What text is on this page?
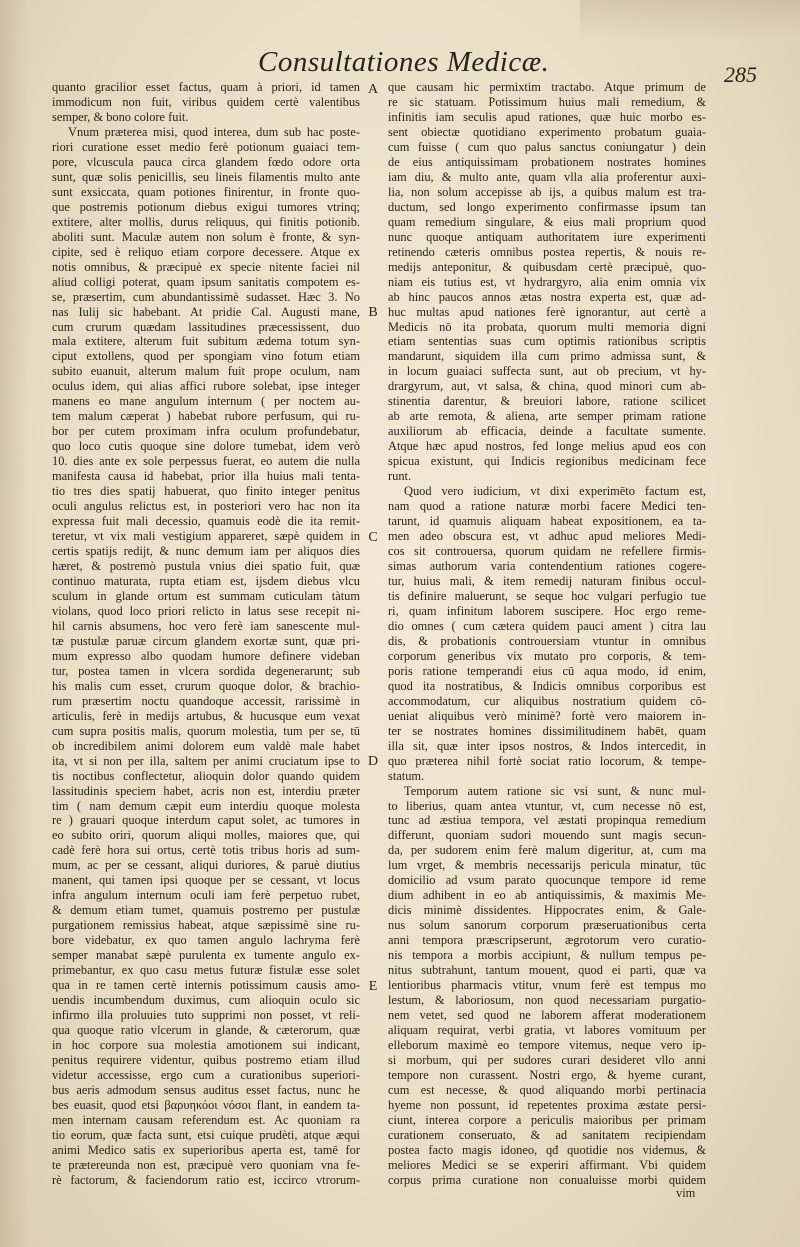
Consultationes Medicæ.	285
quanto gracilior esset factus, quam à priori, id tamen
immodicum non fuit, viribus quidem certè valentibus
semper, & bono colore fuit.
Vnum præterea misi, quod interea, dum sub hac poste-
riori curatione esset medio ferè potionum guaiaci tem-
pore, vlcuscula pauca circa glandem fœdo odore orta
sunt, quæ solis penicillis, seu lineis filamentis multo ante
sunt exsiccata, quam potiones finirentur, in fronte quo-
que postremis potionum diebus exigui tumores vtrinq;
extitere, alter mollis, durus reliquus, qui finitis potionib.
aboliti sunt. Maculæ autem non solum è fronte, & syn-
cipite, sed è reliquo etiam corpore decessere. Atque ex
notis omnibus, & præcipuè ex specie nitente faciei nil
aliud colligi poterat, quam ipsum sanitatis compotem es-
se, præsertim, cum abundantissimè sudasset. Hæc 3. No
nas Iulij sic habebant. At pridie Cal. Augusti mane,
cum crurum quædam lassitudines præcessissent, duo
mala extitere, alterum fuit subitum ædema totum syn-
ciput extollens, quod per spongiam vino fotum etiam
subito euanuit, alterum malum fuit prope oculum, nam
oculus idem, qui alias affici rubore solebat, ipse integer
manens eo mane angulum internum ( per noctem au-
tem malum cæperat ) habebat rubore perfusum, qui ru-
bor per cutem proximam infra oculum profundebatur,
quo loco cutis quoque sine dolore tumebat, idem verò
10. dies ante ex sole perpessus fuerat, eo autem die nulla
manifesta causa id habebat, prior illa huius mali tenta-
tio tres dies spatij habuerat, quo finito integer penitus
oculi angulus relictus est, in posteriori vero hac non ita
expressa fuit mali decessio, quamuis eodè die ita remit-
teretur, vt vix mali vestigium appareret, sæpè quidem in
certis spatijs redijt, & nunc demum iam per aliquos dies
hæret, & postremò pustula vnius diei spatio fuit, quæ
continuo maturata, rupta etiam est, ijsdem diebus vlcu
sculum in glande ortum est summam cuticulam tàtum
violans, quod loco priori relicto in latus sese recepit ni-
hil carnis absumens, hoc vero ferè iam sanescente mul-
tæ pustulæ paruæ circum glandem exortæ sunt, quæ pri-
mum expresso albo quodam humore definere videban
tur, postea tamen in vlcera sordida degenerarunt; sub
his malis cum esset, crurum quoque dolor, & brachio-
rum præsertim noctu quandoque accessit, rarissimè in
articulis, ferè in medijs artubus, & hucusque eum vexat
cum supra positis malis, quorum molestia, tum per se, tū
ob incredibilem animi dolorem eum valdè male habet
ita, vt si non per illa, saltem per animi cruciatum ipse to
tis noctibus conflectetur, alioquin dolor quando quidem
lassitudinis speciem habet, acris non est, interdiu præter
tim ( nam demum cæpit eum interdiu quoque molesta
re ) grauari quoque interdum caput solet, ac tumores in
eo subito oriri, quorum aliqui molles, maiores que, qui
cadè ferè hora sui ortus, certè totis tribus horis ad sum-
mum, ac per se cessant, aliqui duriores, & paruè diutius
manent, qui tamen ipsi quoque per se cessant, vt locus
infra angulum internum oculi iam ferè perpetuo rubet,
& demum etiam tumet, quamuis postremo per pustulæ
purgationem remissius habeat, atque sæpissimè sine ru-
bore videbatur, ex quo tamen angulo lachryma ferè
semper manabat sæpè purulenta ex tumente angulo ex-
primebantur, ex quo casu metus futuræ fistulæ esse solet
qua in re tamen certè internis potissimum causis amo-
uendis incumbendum duximus, cum alioquin oculo sic
infirmo illa proluuies tuto supprimi non posset, vt reli-
qua quoque ratio vlcerum in glande, & cæterorum, quæ
in hoc corpore sua molestia amotionem sui indicant,
penitus requirere videntur, quibus postremo etiam illud
videtur accessisse, ergo cum a curationibus superiori-
bus aeris admodum sensus auditus esset factus, nunc he
bes euasit, quod etsi βαρυηκόοι νόσοι flant, in eandem ta-
men internam causam referendum est. Ac quoniam ra
tio eorum, quæ facta sunt, etsi cuique prudèti, atque æqui
animi Medico satis ex superioribus aperta est, tamē for
te prætereunda non est, præcipuè vero quoniam vna fe-
rè factorum, & faciendorum ratio est, iccirco vtrorum-
A
B
C
D
E
que causam hic permixtim tractabo. Atque primum de
re sic statuam. Potissimum huius mali remedium, &
infinitis iam seculis apud rationes, quæ huic morbo es-
sent obiectæ quotidiano experimento probatum guaia-
cum fuisse ( cum quo palus sanctus coniungatur ) dein
de eius antiquissimam probationem nostrates homines
iam diu, & multo ante, quam vlla alia proferentur auxi-
lia, non solum accepisse ab ijs, a quibus malum est tra-
ductum, sed longo experimento confirmasse ipsum tan
quam remedium singulare, & eius mali proprium quod
nunc quoque antiquam authoritatem iure experimenti
retinendo cæteris omnibus postea repertis, & nouis re-
medijs anteponitur, & quibusdam certè præcipuè, quo-
niam eis tutius est, vt hydrargyro, alia enim omnia vix
ab hinc paucos annos ætas nostra experta est, quæ ad-
huc multas apud nationes ferè ignorantur, aut certè a
Medicis nō ita probata, quorum multi memoria digni
etiam sententias suas cum optimis rationibus scriptis
mandarunt, siquidem illa cum primo admissa sunt, &
in locum guaiaci suffecta sunt, aut ob precium, vt hy-
drargyrum, aut, vt salsa, & china, quod minori cum ab-
stinentia darentur, & breuiori labore, ratione scilicet
ab arte remota, & aliena, arte semper primam ratione
auxiliorum ab efficacia, deinde a facultate sumente.
Atque hæc apud nostros, fed longe melius apud eos con
spicua existunt, qui Indicis regionibus medicinam fece
runt.
Quod vero iudicium, vt dixi experimēto factum est,
nam quod a ratione naturæ morbi facere Medici ten-
tarunt, id quamuis aliquam habeat expositionem, ea ta-
men adeo obscura est, vt adhuc apud meliores Medi-
cos sit controuersa, quorum quidam ne refellere firmis-
simas authorum varia contendentium rationes cogere-
tur, huius mali, & item remedij naturam finibus occul-
tis definire maluerunt, se seque hoc vulgari perfugio tue
ri, quam infinitum laborem suscipere. Hoc ergo reme-
dio omnes ( cum cætera quidem pauci ament ) citra lau
dis, & probationis controuersiam vtuntur in omnibus
corporum generibus vix mutato pro corporis, & tem-
poris ratione temperandi eius cū aqua modo, id enim,
quod ita nostratibus, & Indicis omnibus corporibus est
accommodatum, cur aliquibus nostratium quidem cō-
ueniat aliquibus verò minimè? fortè vero maiorem in-
ter se nostrates homines dissimilitudinem habēt, quam
illa sit, quæ inter ipsos nostros, & Indos intercedit, in
quo præterea nihil fortè sociat ratio locorum, & tempe-
statum.
Temporum autem ratione sic vsi sunt, & nunc mul-
to liberius, quam antea vtuntur, vt, cum necesse nō est,
tunc ad æstiua tempora, vel æstati propinqua remedium
differunt, quoniam sudori mouendo sunt magis secun-
da, per sudorem enim ferè malum digeritur, at, cum ma
lum vrget, & membris necessarijs pericula minatur, tūc
domicilio ad vsum parato quocunque tempore id reme
dium adhibent in eo ab antiquissimis, & maximis Me-
dicis minimè dissidentes. Hippocrates enim, & Gale-
nus solum sanorum corporum præseruationibus certa
anni tempora præscripserunt, ægrotorum vero curatio-
nis tempora a morbis accipiunt, & nullum tempus pe-
nitus subtrahunt, tantum mouent, quod ei parti, quæ va
lentioribus pharmacis vtitur, vnum ferè est tempus mo
lestum, & laboriosum, non quod necessariam purgatio-
nem vetet, sed quod ne laborem afferat moderationem
aliquam requirat, verbi gratia, vt labores vomituum per
elleborum maximè eo tempore vitemus, neque vero ip-
si morbum, qui per sudores curari desideret vllo anni
tempore non curassent. Nostri ergo, & hyeme curant,
cum est necesse, & quod aliquando morbi pertinacia
hyeme non possunt, id repetentes proxima æstate persi-
ciunt, interea corpore a periculis maioribus per primam
curationem conseruato, & ad sanitatem recipiendam
postea facto magis idoneo, qđ quotidie nos videmus, &
meliores Medici se se experiri affirmant. Vbi quidem
corpus prima curatione non conualuisse morbi quidem
vim
